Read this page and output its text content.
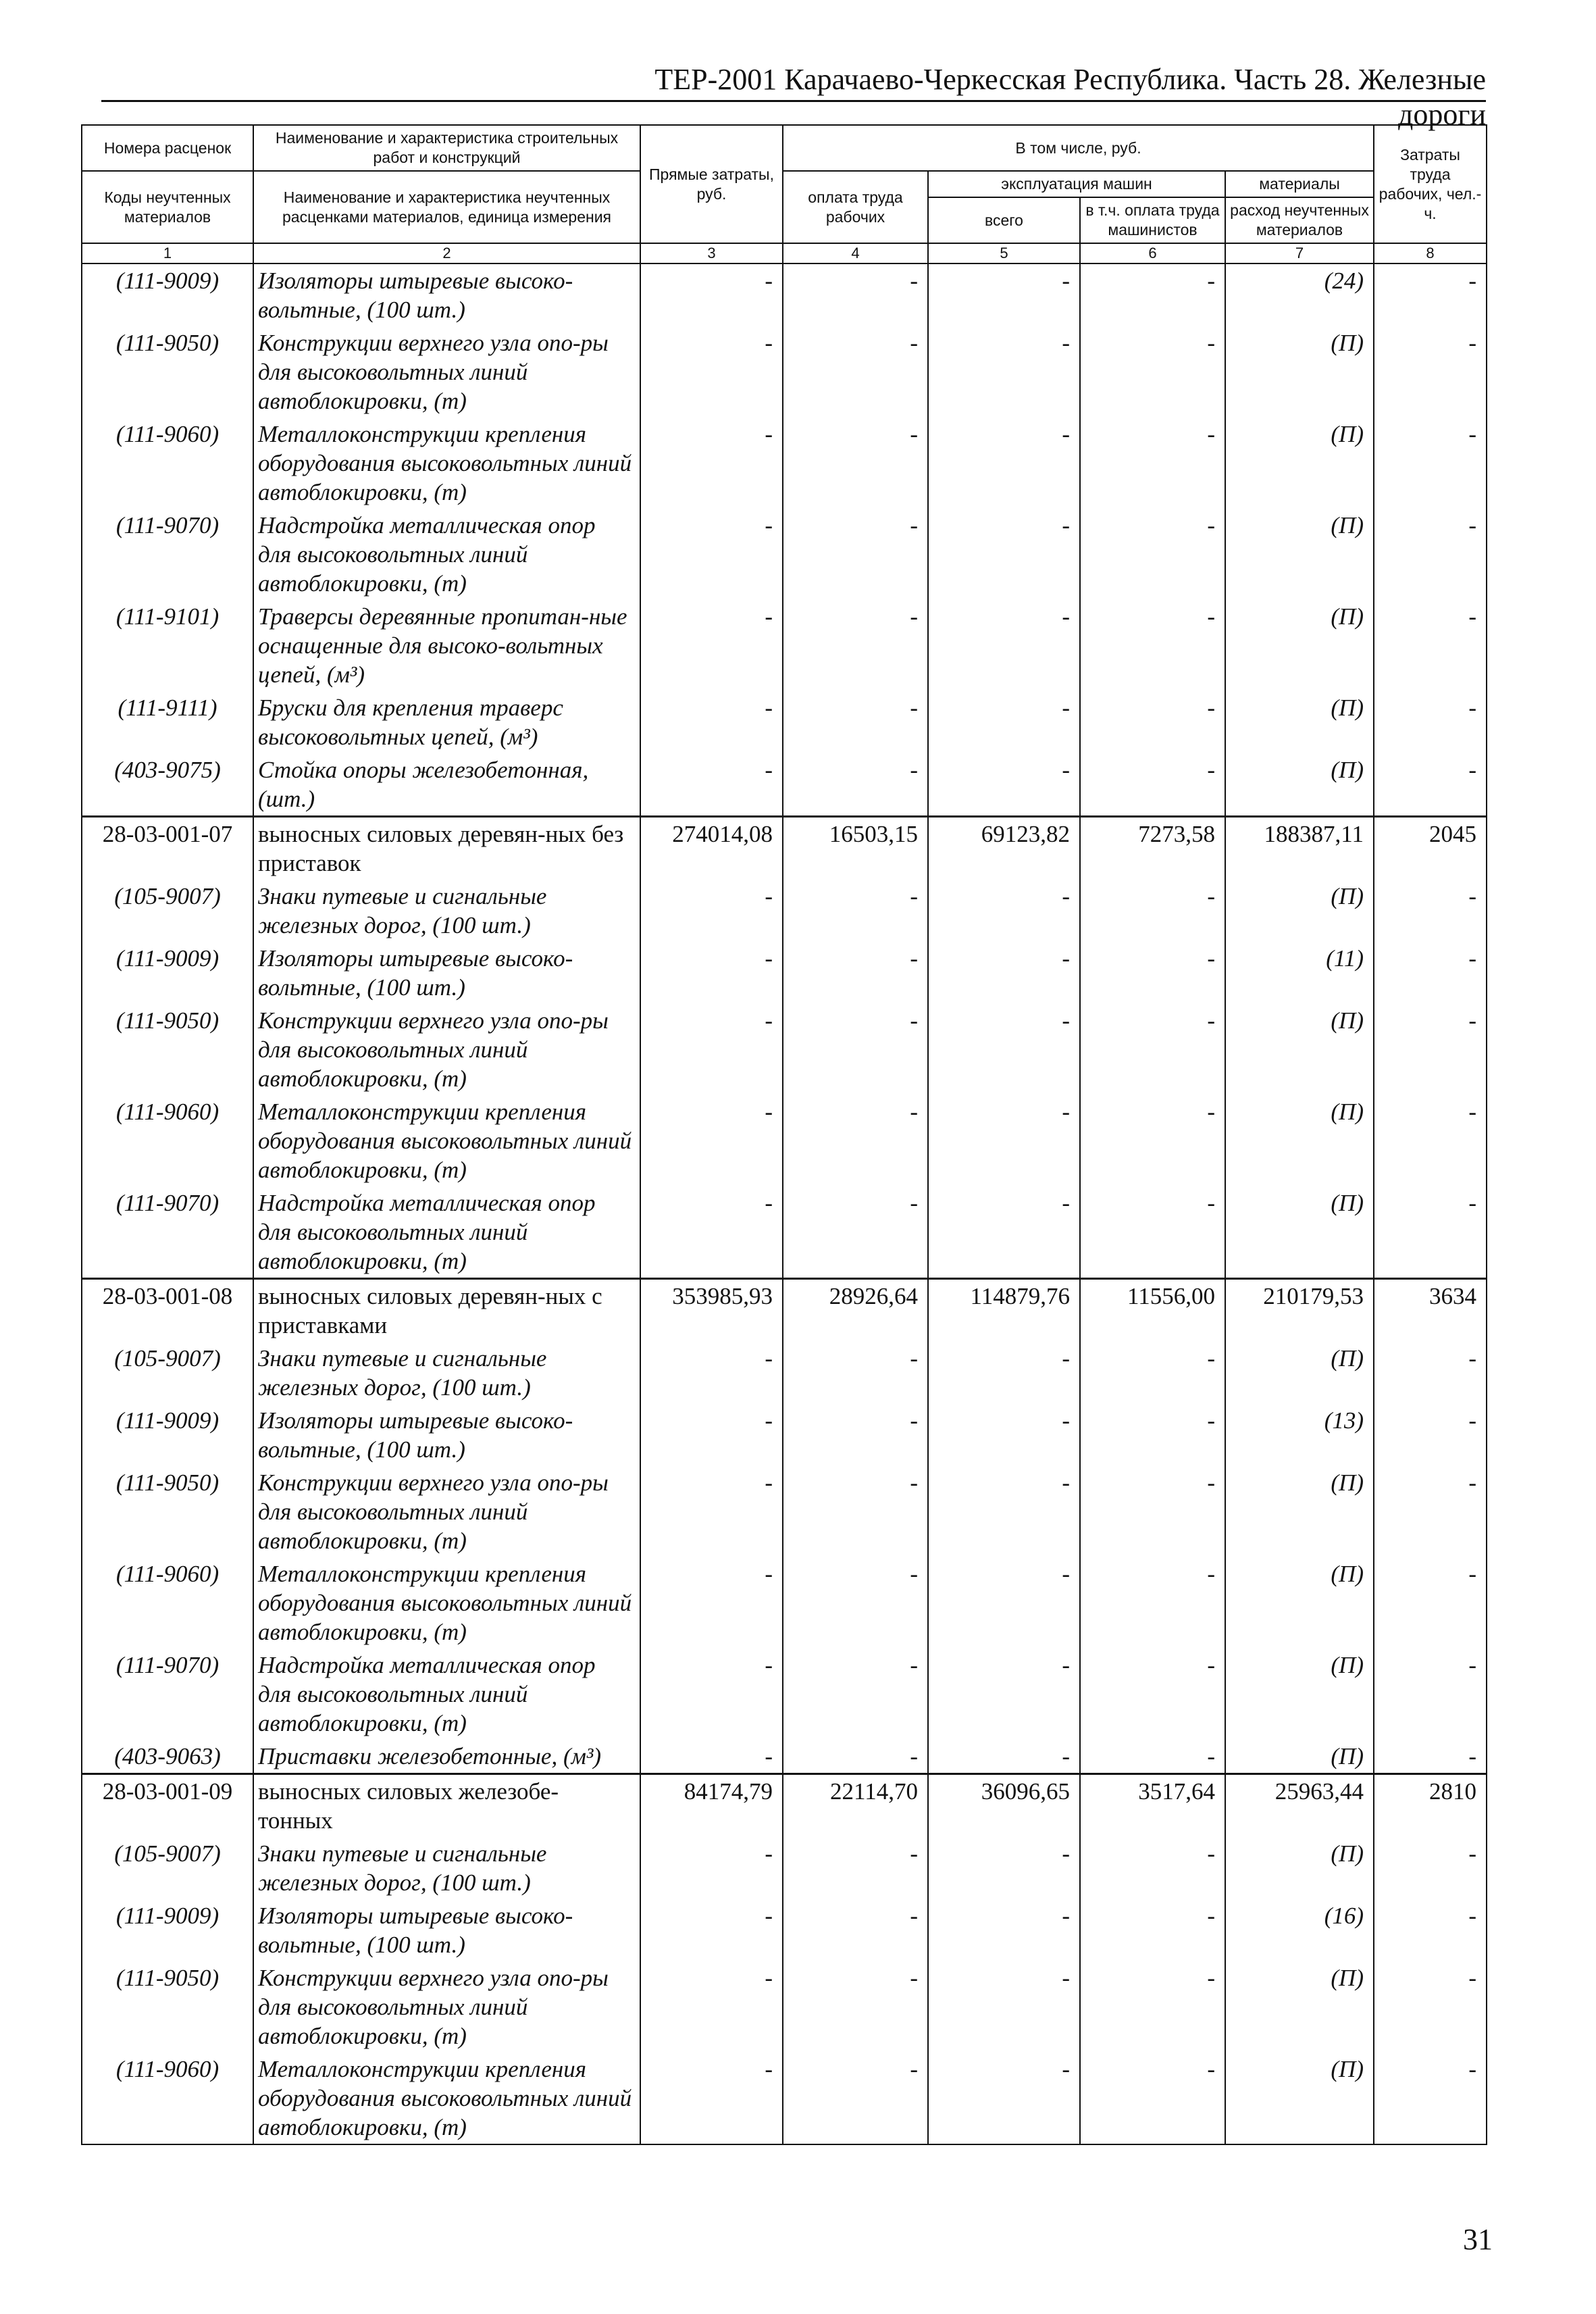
ТЕР-2001 Карачаево-Черкесская Республика. Часть 28. Железные дороги
Номера расценок	Наименование и характеристика строительных работ и конструкций	Прямые затраты, руб.	В том числе, руб.				Затраты труда рабочих, чел.-ч.
Коды неучтенных материалов	Наименование и характеристика неучтенных расценками материалов, единица измерения		оплата труда рабочих	эксплуатация машин		материалы	
				всего	в т.ч. оплата труда машинистов	расход неучтенных материалов	
1	2	3	4	5	6	7	8
(111-9009)	Изоляторы штыревые высоко-вольтные, (100 шт.)	-	-	-	-	(24)	-
(111-9050)	Конструкции верхнего узла опо-ры для высоковольтных линий автоблокировки, (т)	-	-	-	-	(П)	-
(111-9060)	Металлоконструкции крепления оборудования высоковольтных линий автоблокировки, (т)	-	-	-	-	(П)	-
(111-9070)	Надстройка металлическая опор для высоковольтных линий автоблокировки, (т)	-	-	-	-	(П)	-
(111-9101)	Траверсы деревянные пропитан-ные оснащенные для высоко-вольтных цепей, (м³)	-	-	-	-	(П)	-
(111-9111)	Бруски для крепления траверс высоковольтных цепей, (м³)	-	-	-	-	(П)	-
(403-9075)	Стойка опоры железобетонная, (шт.)	-	-	-	-	(П)	-
28-03-001-07	выносных силовых деревян-ных без приставок	274014,08	16503,15	69123,82	7273,58	188387,11	2045
(105-9007)	Знаки путевые и сигнальные железных дорог, (100 шт.)	-	-	-	-	(П)	-
(111-9009)	Изоляторы штыревые высоко-вольтные, (100 шт.)	-	-	-	-	(11)	-
(111-9050)	Конструкции верхнего узла опо-ры для высоковольтных линий автоблокировки, (т)	-	-	-	-	(П)	-
(111-9060)	Металлоконструкции крепления оборудования высоковольтных линий автоблокировки, (т)	-	-	-	-	(П)	-
(111-9070)	Надстройка металлическая опор для высоковольтных линий автоблокировки, (т)	-	-	-	-	(П)	-
28-03-001-08	выносных силовых деревян-ных с приставками	353985,93	28926,64	114879,76	11556,00	210179,53	3634
(105-9007)	Знаки путевые и сигнальные железных дорог, (100 шт.)	-	-	-	-	(П)	-
(111-9009)	Изоляторы штыревые высоко-вольтные, (100 шт.)	-	-	-	-	(13)	-
(111-9050)	Конструкции верхнего узла опо-ры для высоковольтных линий автоблокировки, (т)	-	-	-	-	(П)	-
(111-9060)	Металлоконструкции крепления оборудования высоковольтных линий автоблокировки, (т)	-	-	-	-	(П)	-
(111-9070)	Надстройка металлическая опор для высоковольтных линий автоблокировки, (т)	-	-	-	-	(П)	-
(403-9063)	Приставки железобетонные, (м³)	-	-	-	-	(П)	-
28-03-001-09	выносных силовых железобе-тонных	84174,79	22114,70	36096,65	3517,64	25963,44	2810
(105-9007)	Знаки путевые и сигнальные железных дорог, (100 шт.)	-	-	-	-	(П)	-
(111-9009)	Изоляторы штыревые высоко-вольтные, (100 шт.)	-	-	-	-	(16)	-
(111-9050)	Конструкции верхнего узла опо-ры для высоковольтных линий автоблокировки, (т)	-	-	-	-	(П)	-
(111-9060)	Металлоконструкции крепления оборудования высоковольтных линий автоблокировки, (т)	-	-	-	-	(П)	-
31
